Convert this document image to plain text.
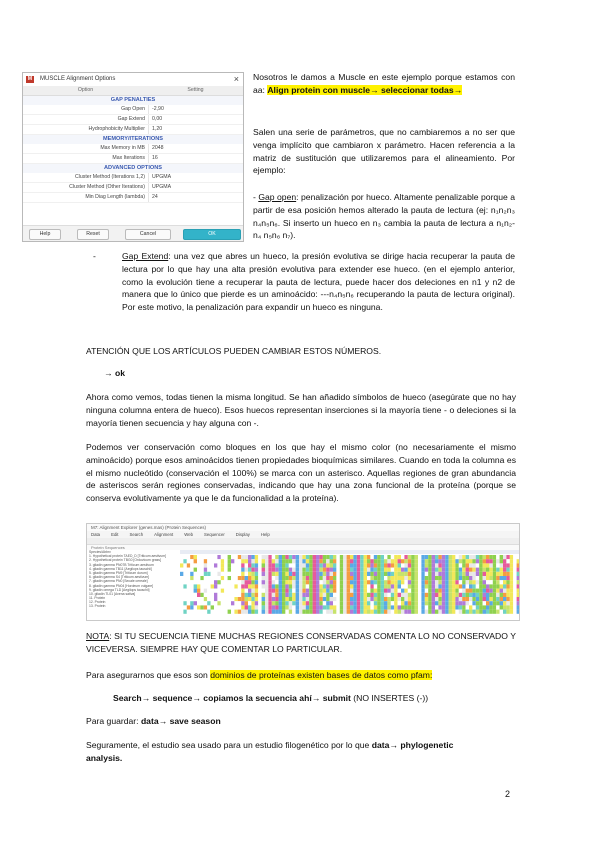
M	MUSCLE Alignment Options	×
Option	Setting
GAP PENALTIES
Gap Open	-2,90
Gap Extend	0,00
Hydrophobicity Multiplier	1,20
MEMORY/ITERATIONS
Max Memory in MB	2048
Max Iterations	16
ADVANCED OPTIONS
Cluster Method (Iterations 1,2)	UPGMA
Cluster Method (Other Iterations)	UPGMA
Min Diag Length (lambda)	24
Help	Reset	Cancel	OK

Nosotros le damos a Muscle en este ejemplo porque estamos con aa: Align protein con muscle→ seleccionar todas→

Salen una serie de parámetros, que no cambiaremos a no ser que venga implícito que cambiaron x parámetro. Hacen referencia a la matriz de sustitución que utilizaremos para el alineamiento. Por ejemplo:

- Gap open: penalización por hueco. Altamente penalizable porque a partir de esa posición hemos alterado la pauta de lectura (ej: n₁n₂n₃ n₄n₅n₆. Si inserto un hueco en n₃ cambia la pauta de lectura a n₁n₂-n₄ n₅n₆ n₇).

-	Gap Extend: una vez que abres un hueco, la presión evolutiva se dirige hacia recuperar la pauta de lectura por lo que hay una alta presión evolutiva para extender ese hueco. (en el ejemplo anterior, como la evolución tiene a recuperar la pauta de lectura, puede hacer dos deleciones en n1 y n2 de manera que lo único que pierde es un aminoácido: ---n₄n₅n₆ recuperando la pauta de lectura original). Por este motivo, la penalización para expandir un hueco es ninguna.

ATENCIÓN QUE LOS ARTÍCULOS PUEDEN CAMBIAR ESTOS NÚMEROS.

→ ok

Ahora como vemos, todas tienen la misma longitud. Se han añadido símbolos de hueco (asegúrate que no hay ninguna columna entera de hueco). Esos huecos representan inserciones si la mayoría tiene - o deleciones si la mayoría tienen secuencia y hay alguna con -.

Podemos ver conservación como bloques en los que hay el mismo color (no necesariamente el mismo aminoácido) porque esos aminoácidos tienen propiedades bioquímicas similares. Cuando en toda la columna es el mismo nucleótido (conservación el 100%) se marca con un asterisco. Aquellas regiones de gran abundancia de asteriscos serán regiones conservadas, indicando que hay una zona funcional de la proteína (porque se conserva evolutivamente ya que le da funcionalidad a la proteína).

M7: Alignment Explorer (genes.mas) (Protein Sequences)
Data	Edit	Search	Alignment	Web	Sequencer	Display	Help
Protein Sequences
Species/Abbrv
1. Hypothetical protein TAED_D [Triticum aestivum]
2. Hypothetical protein TBG0 [Ordovicum grass]
3. gliadin gamma PN07B Triticum aestivum
4. gliadin gamma TB11 [Aegilops tauschii]
5. gliadin gamma PN9 [Triticum durum]
6. gliadin gamma S4 [Triticum aestivum]
7. gliadin gamma PN0 [Secale cereale]
8. gliadin gamma PN04 [Hordeum vulgare]
9. gliadin omega TLD [Aegilops tauschii]
10. gliadin TL01 [Avena sativa]
11. Protein
12. Protein
13. Protein

NOTA: SI TU SECUENCIA TIENE MUCHAS REGIONES CONSERVADAS COMENTA LO NO CONSERVADO Y VICEVERSA. SIEMPRE HAY QUE COMENTAR LO PARTICULAR.

Para asegurarnos que esos son dominios de proteínas existen bases de datos como pfam:

Search→ sequence→ copiamos la secuencia ahí→ submit (NO INSERTES (-))

Para guardar: data→ save season

Seguramente, el estudio sea usado para un estudio filogenético por lo que data→ phylogenetic analysis.

2
